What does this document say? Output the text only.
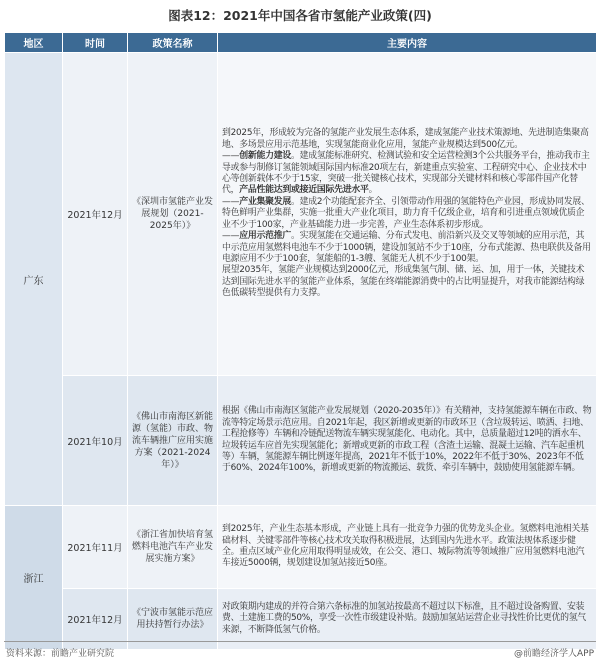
图表12：2021年中国各省市氢能产业政策(四)
地区	时间	政策名称	主要内容
广东	2021年12月	《深圳市氢能产业发展规划（2021-2025年）》	到2025年，形成较为完备的氢能产业发展生态体系，建成氢能产业技术策源地、先进制造集聚高地、多场景应用示范基地，实现氢能商业化应用，氢能产业规模达到500亿元。

——创新能力建设。建成氢能标准研究、检测试验和安全运营检测3个公共服务平台，推动我市主导或参与制修订氢能领域国际国内标准20项左右，新建重点实验室、工程研究中心、企业技术中心等创新载体不少于15家，突破一批关键核心技术，实现部分关键材料和核心零部件国产化替代，产品性能达到或接近国际先进水平。

——产业集聚发展。建成2个功能配套齐全、引领带动作用强的氢能特色产业园，形成协同发展、特色鲜明产业集群，实施一批重大产业化项目，助力育千亿级企业，培育和引进重点领域优质企业不少于100家，产业基础能力进一步完善，产业生态体系初步形成。

——应用示范推广。实现氢能在交通运输、分布式发电、前沿新兴及交叉等领域的应用示范，其中示范应用氢燃料电池车不少于1000辆，建设加氢站不少于10座，分布式能源、热电联供及备用电源应用不少于100套，氢能船的1-3艘、氢能无人机不少于100架。

展望2035年，氢能产业规模达到2000亿元，形成集氢气制、储、运、加，用于一体，关键技术达到国际先进水平的氢能产业体系，氢能在终端能源消费中的占比明显提升，对我市能源结构绿色低碳转型提供有力支撑。

	2021年10月	《佛山市南海区新能源（氢能）市政、物流车辆推广应用实施方案（2021-2024年）》	根据《佛山市南海区氢能产业发展规划（2020-2035年）》有关精神，支持氢能源车辆在市政、物流等特定场景示范应用。自2021年起，我区新增或更新的市政环卫（含垃圾转运、喷洒、扫地、工程抢修等）车辆和冷链配送物流车辆实现氢能化、电动化。其中，总质量超过12吨的洒水车、垃圾转运车应首先实现氢能化；新增或更新的市政工程（含渣土运输、混凝土运输、汽车起重机等）车辆，氢能源车辆比例逐年提高，2021年不低于10%，2022年不低于30%、2023年不低于60%、2024年100%，新增或更新的物流搬运、载货、牵引车辆中，鼓励使用氢能源车辆。

浙江	2021年11月	《浙江省加快培育氢燃料电池汽车产业发展实施方案》	到2025年，产业生态基本形成，产业链上具有一批竞争力强的优势龙头企业。氢燃料电池相关基础材料、关键零部件等核心技术攻关取得积极进展，达到国内先进水平。政策法规体系逐步健全。重点区域产业化应用取得明显成效，在公交、港口、城际物流等领域推广应用氢燃料电池汽车接近5000辆，规划建设加氢站接近50座。

	2021年12月	《宁波市氢能示范应用扶持暂行办法》	对政策期内建成的并符合第六条标准的加氢站按最高不超过以下标准，且不超过设备购置、安装费、土建施工费的50%，享受一次性市级建设补贴。鼓励加氢站运营企业寻找性价比更优的氢气来源，不断降低氢气价格。

资料来源：前瞻产业研究院	@前瞻经济学人APP
